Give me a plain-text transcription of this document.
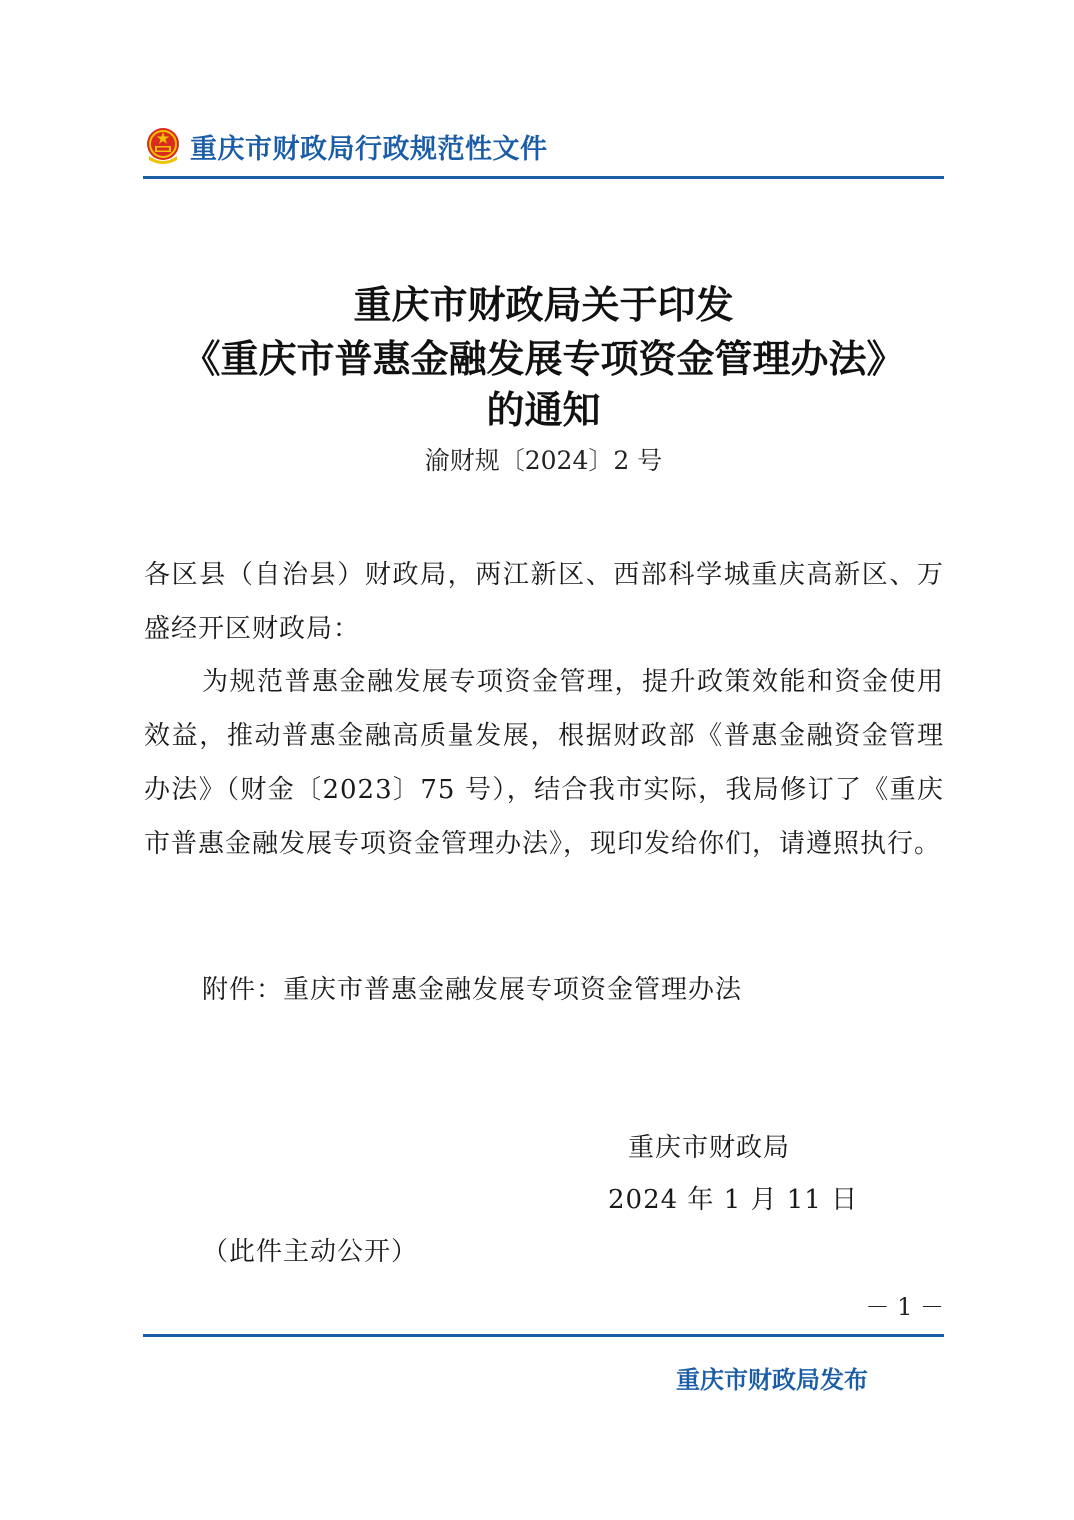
重庆市财政局行政规范性文件
重庆市财政局关于印发
《重庆市普惠金融发展专项资金管理办法》
的通知
渝财规〔2024〕2 号
各区县（自治县）财政局，两江新区、西部科学城重庆高新区、万盛经开区财政局：
为规范普惠金融发展专项资金管理，提升政策效能和资金使用效益，推动普惠金融高质量发展，根据财政部《普惠金融资金管理办法》（财金〔2023〕75 号），结合我市实际，我局修订了《重庆市普惠金融发展专项资金管理办法》，现印发给你们，请遵照执行。
附件：重庆市普惠金融发展专项资金管理办法
重庆市财政局
2024 年 1 月 11 日
（此件主动公开）
－ 1 －
重庆市财政局发布
